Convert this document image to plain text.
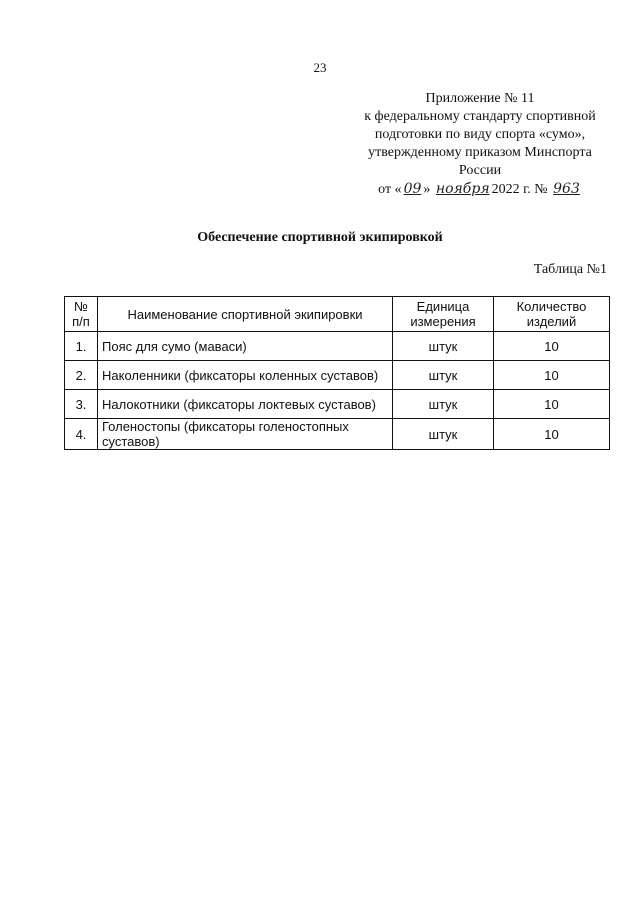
23
Приложение № 11
к федеральному стандарту спортивной
подготовки по виду спорта «сумо»,
утвержденному приказом Минспорта
России
от « 09 » ноября 2022 г. № 963
Обеспечение спортивной экипировкой
Таблица №1
№ п/п	Наименование спортивной экипировки	Единица измерения	Количество изделий
1.	Пояс для сумо (маваси)	штук	10
2.	Наколенники (фиксаторы коленных суставов)	штук	10
3.	Налокотники (фиксаторы локтевых суставов)	штук	10
4.	Голеностопы (фиксаторы голеностопных суставов)	штук	10
